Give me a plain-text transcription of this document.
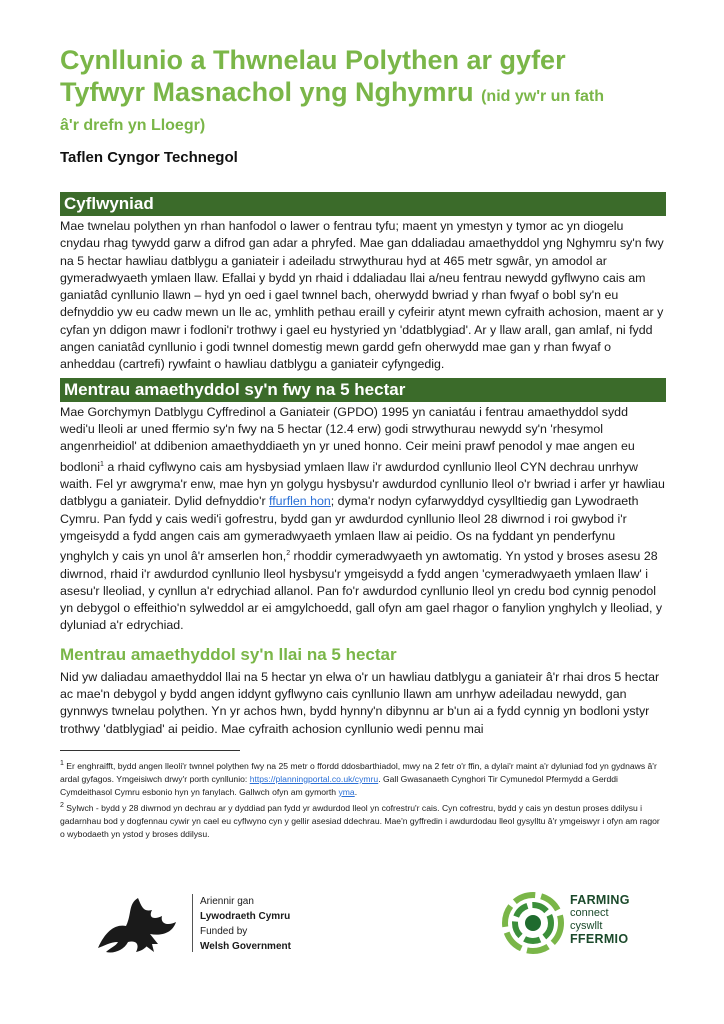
Cynllunio a Thwnelau Polythen ar gyfer
Tyfwyr Masnachol yng Nghymru (nid yw'r un fath
â'r drefn yn Lloegr)
Taflen Cyngor Technegol
Cyflwyniad

Mae twnelau polythen yn rhan hanfodol o lawer o fentrau tyfu; maent yn ymestyn y tymor ac yn diogelu cnydau rhag tywydd garw a difrod gan adar a phryfed. Mae gan ddaliadau amaethyddol yng Nghymru sy'n fwy na 5 hectar hawliau datblygu a ganiateir i adeiladu strwythurau hyd at 465 metr sgwâr, yn amodol ar gymeradwyaeth ymlaen llaw. Efallai y bydd yn rhaid i ddaliadau llai a/neu fentrau newydd gyflwyno cais am ganiatâd cynllunio llawn – hyd yn oed i gael twnnel bach, oherwydd bwriad y rhan fwyaf o bobl sy'n eu defnyddio yw eu cadw mewn un lle ac, ymhlith pethau eraill y cyfeirir atynt mewn cyfraith achosion, maent ar y cyfan yn ddigon mawr i fodloni'r trothwy i gael eu hystyried yn 'ddatblygiad'. Ar y llaw arall, gan amlaf, ni fydd angen caniatâd cynllunio i godi twnnel domestig mewn gardd gefn oherwydd mae gan y rhan fwyaf o anheddau (cartrefi) rywfaint o hawliau datblygu a ganiateir cyfyngedig.

Mentrau amaethyddol sy'n fwy na 5 hectar

Mae Gorchymyn Datblygu Cyffredinol a Ganiateir (GPDO) 1995 yn caniatáu i fentrau amaethyddol sydd wedi'u lleoli ar uned ffermio sy'n fwy na 5 hectar (12.4 erw) godi strwythurau newydd sy'n 'rhesymol angenrheidiol' at ddibenion amaethyddiaeth yn yr uned honno. Ceir meini prawf penodol y mae angen eu bodloni$^1$ a rhaid cyflwyno cais am hysbysiad ymlaen llaw i'r awdurdod cynllunio lleol CYN dechrau unrhyw waith. Fel yr awgryma'r enw, mae hyn yn golygu hysbysu'r awdurdod cynllunio lleol o'r bwriad i arfer yr hawliau datblygu a ganiateir. Dylid defnyddio'r ffurflen hon; dyma'r nodyn cyfarwyddyd cysylltiedig gan Lywodraeth Cymru. Pan fydd y cais wedi'i gofrestru, bydd gan yr awdurdod cynllunio lleol 28 diwrnod i roi gwybod i'r ymgeisydd a fydd angen cais am gymeradwyaeth ymlaen llaw ai peidio. Os na fyddant yn penderfynu ynghylch y cais yn unol â'r amserlen hon,$^2$ rhoddir cymeradwyaeth yn awtomatig. Yn ystod y broses asesu 28 diwrnod, rhaid i'r awdurdod cynllunio lleol hysbysu'r ymgeisydd a fydd angen 'cymeradwyaeth ymlaen llaw' i asesu'r lleoliad, y cynllun a'r edrychiad allanol. Pan fo'r awdurdod cynllunio lleol yn credu bod cynnig penodol yn debygol o effeithio'n sylweddol ar ei amgylchoedd, gall ofyn am gael rhagor o fanylion ynghylch y lleoliad, y dyluniad a'r edrychiad.

Mentrau amaethyddol sy'n llai na 5 hectar

Nid yw daliadau amaethyddol llai na 5 hectar yn elwa o'r un hawliau datblygu a ganiateir â'r rhai dros 5 hectar ac mae'n debygol y bydd angen iddynt gyflwyno cais cynllunio llawn am unrhyw adeiladau newydd, gan gynnwys twnelau polythen. Yn yr achos hwn, bydd hynny'n dibynnu ar b'un ai a fydd cynnig yn bodloni ystyr trothwy 'datblygiad' ai peidio. Mae cyfraith achosion cynllunio wedi pennu mai

$^1$ Er enghraifft, bydd angen lleoli'r twnnel polythen fwy na 25 metr o ffordd ddosbarthiadol, mwy na 2 fetr o'r ffin, a dylai'r maint a'r dyluniad fod yn gydnaws â'r ardal gyfagos. Ymgeisiwch drwy'r porth cynllunio: https://planningportal.co.uk/cymru. Gall Gwasanaeth Cynghori Tir Cymunedol Pfermydd a Gerddi Cymdeithasol Cymru esbonio hyn yn fanylach. Gallwch ofyn am gymorth yma.

$^2$ Sylwch - bydd y 28 diwrnod yn dechrau ar y dyddiad pan fydd yr awdurdod lleol yn cofrestru'r cais. Cyn cofrestru, bydd y cais yn destun proses ddilysu i gadarnhau bod y dogfennau cywir yn cael eu cyflwyno cyn y gellir asesiad ddechrau. Mae'n gyffredin i awdurdodau lleol gysylltu â'r ymgeiswyr i ofyn am ragor o wybodaeth yn ystod y broses ddilysu.

Ariennir gan
Lywodraeth Cymru
Funded by
Welsh Government
FARMING
connect
cyswllt
FFERMIO
